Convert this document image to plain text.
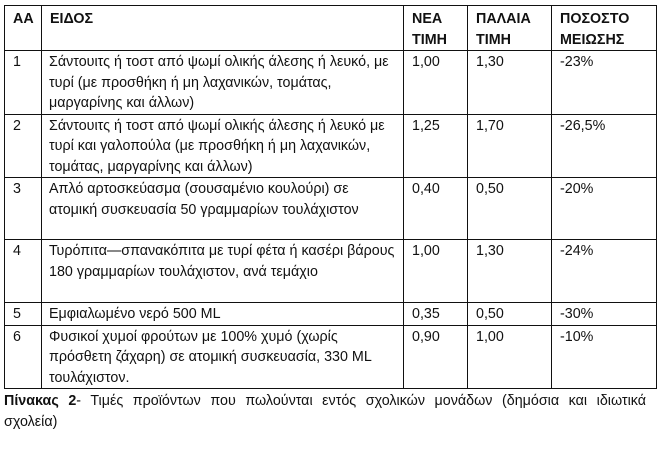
ΑΑ	ΕΙΔΟΣ	ΝΕΑ ΤΙΜΗ	ΠΑΛΑΙΑ ΤΙΜΗ	ΠΟΣΟΣΤΟ ΜΕΙΩΣΗΣ
1	Σάντουιτς ή τοστ από ψωμί ολικής άλεσης ή λευκό, με τυρί (με προσθήκη ή μη λαχανικών, τομάτας, μαργαρίνης και άλλων)	1,00	1,30	-23%
2	Σάντουιτς ή τοστ από ψωμί ολικής άλεσης ή λευκό με τυρί και γαλοπούλα (με προσθήκη ή μη λαχανικών, τομάτας, μαργαρίνης και άλλων)	1,25	1,70	-26,5%
3	Απλό αρτοσκεύασμα (σουσαμένιο κουλούρι) σε ατομική συσκευασία 50 γραμμαρίων τουλάχιστον	0,40	0,50	-20%
4	Τυρόπιτα—σπανακόπιτα με τυρί φέτα ή κασέρι βάρους 180 γραμμαρίων τουλάχιστον, ανά τεμάχιο	1,00	1,30	-24%
5	Εμφιαλωμένο νερό 500 ML	0,35	0,50	-30%
6	Φυσικοί χυμοί φρούτων με 100% χυμό (χωρίς πρόσθετη ζάχαρη) σε ατομική συσκευασία, 330 ML τουλάχιστον.	0,90	1,00	-10%

Πίνακας 2- Τιμές προϊόντων που πωλούνται εντός σχολικών μονάδων (δημόσια και ιδιωτικά σχολεία)
